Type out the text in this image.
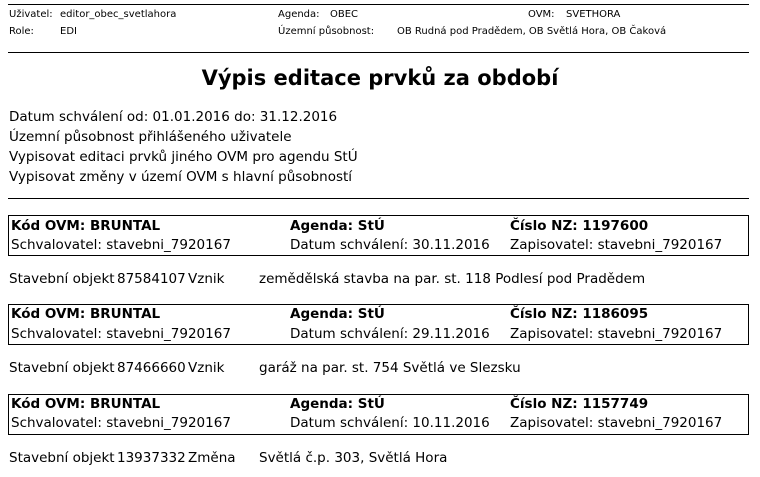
Uživatel: editor_obec_svetlahora	Agenda: OBEC	OVM: SVETHORA
Role:	EDI	Územní působnost: OB Rudná pod Pradědem, OB Světlá Hora, OB Čaková
Výpis editace prvků za období
Datum schválení od: 01.01.2016 do: 31.12.2016
Územní působnost přihlášeného uživatele
Vypisovat editaci prvků jiného OVM pro agendu StÚ
Vypisovat změny v území OVM s hlavní působností
Kód OVM: BRUNTAL	Agenda: StÚ	Číslo NZ: 1197600
Schvalovatel: stavebni_7920167	Datum schválení: 30.11.2016 Zapisovatel: stavebni_7920167
Stavební objekt 87584107 Vznik	zemědělská stavba na par. st. 118 Podlesí pod Pradědem
Kód OVM: BRUNTAL	Agenda: StÚ	Číslo NZ: 1186095
Schvalovatel: stavebni_7920167	Datum schválení: 29.11.2016 Zapisovatel: stavebni_7920167
Stavební objekt 87466660 Vznik	garáž na par. st. 754 Světlá ve Slezsku
Kód OVM: BRUNTAL	Agenda: StÚ	Číslo NZ: 1157749
Schvalovatel: stavebni_7920167	Datum schválení: 10.11.2016 Zapisovatel: stavebni_7920167
Stavební objekt 13937332 Změna Světlá č.p. 303, Světlá Hora
